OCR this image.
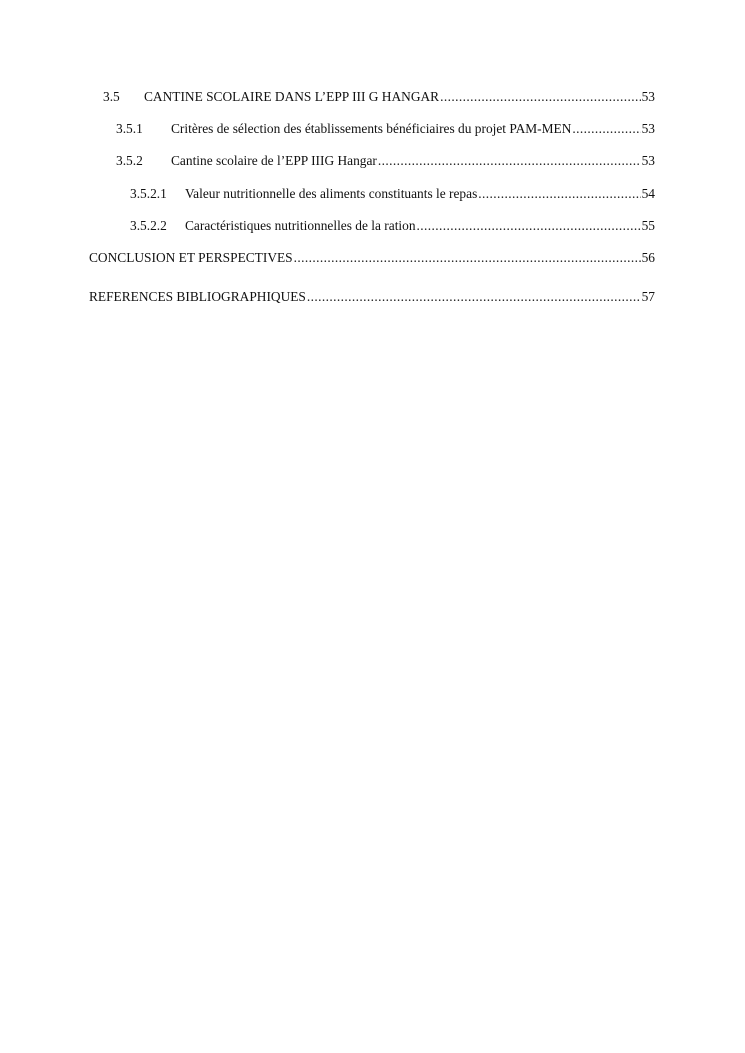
3.5	CANTINE SCOLAIRE DANS L’EPP III G HANGAR .....	53
3.5.1	Critères de sélection des établissements bénéficiaires du projet PAM-MEN .....	53
3.5.2	Cantine scolaire de l’EPP IIIG Hangar .....	53
3.5.2.1	Valeur nutritionnelle des aliments constituants le repas .....	54
3.5.2.2	Caractéristiques nutritionnelles de la ration .....	55
CONCLUSION ET PERSPECTIVES .....	56
REFERENCES BIBLIOGRAPHIQUES .....	57
